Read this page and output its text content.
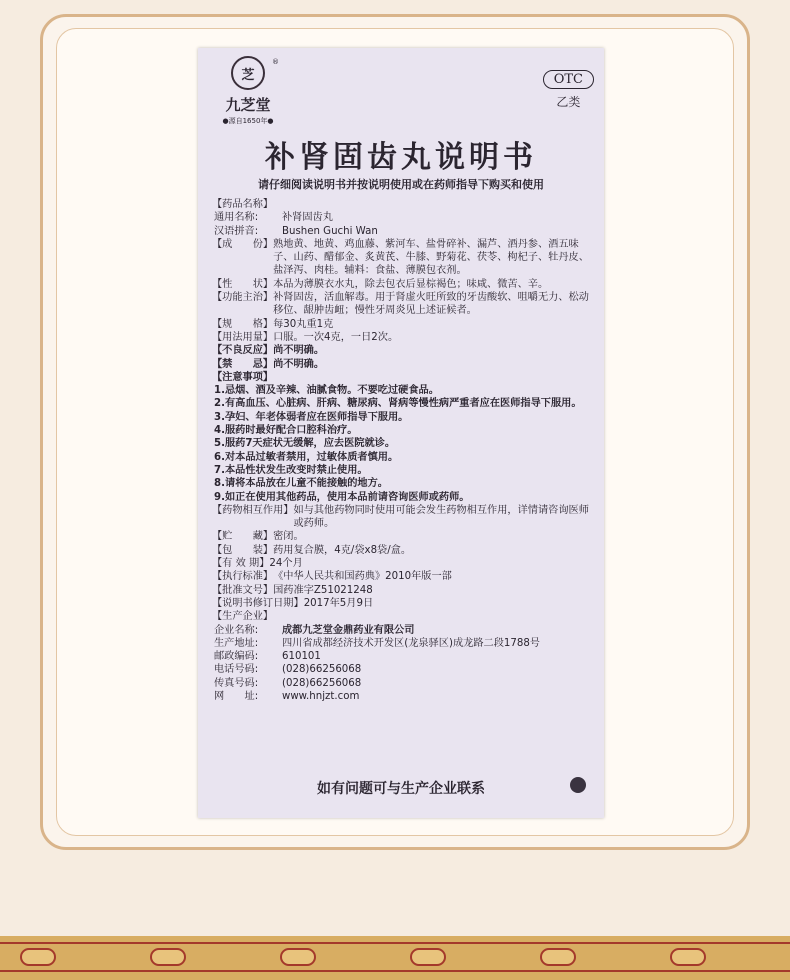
®
芝
九芝堂
●源自1650年●
OTC
乙类
补肾固齿丸说明书
请仔细阅读说明书并按说明使用或在药师指导下购买和使用
【药品名称】
通用名称:	补肾固齿丸
汉语拼音:	Bushen Guchi Wan
【成　　份】 熟地黄、地黄、鸡血藤、紫河车、盐骨碎补、漏芦、酒丹参、酒五味子、山药、醋郁金、炙黄芪、牛膝、野菊花、茯苓、枸杞子、牡丹皮、盐泽泻、肉桂。辅料：食盐、薄膜包衣剂。
【性　　状】 本品为薄膜衣水丸，除去包衣后显棕褐色；味咸、微苦、辛。
【功能主治】 补肾固齿，活血解毒。用于肾虚火旺所致的牙齿酸软、咀嚼无力、松动移位、龈肿齿衄；慢性牙周炎见上述证候者。
【规　　格】 每30丸重1克
【用法用量】 口服。一次4克，一日2次。
【不良反应】 尚不明确。
【禁　　忌】 尚不明确。
【注意事项】
1.忌烟、酒及辛辣、油腻食物。不要吃过硬食品。
2.有高血压、心脏病、肝病、糖尿病、肾病等慢性病严重者应在医师指导下服用。
3.孕妇、年老体弱者应在医师指导下服用。
4.服药时最好配合口腔科治疗。
5.服药7天症状无缓解，应去医院就诊。
6.对本品过敏者禁用，过敏体质者慎用。
7.本品性状发生改变时禁止使用。
8.请将本品放在儿童不能接触的地方。
9.如正在使用其他药品，使用本品前请咨询医师或药师。
【药物相互作用】 如与其他药物同时使用可能会发生药物相互作用，详情请咨询医师或药师。
【贮　　藏】 密闭。
【包　　装】 药用复合膜，4克/袋x8袋/盒。
【有 效 期】 24个月
【执行标准】 《中华人民共和国药典》2010年版一部
【批准文号】 国药准字Z51021248
【说明书修订日期】 2017年5月9日
【生产企业】
企业名称:	成都九芝堂金鼎药业有限公司
生产地址:	四川省成都经济技术开发区(龙泉驿区)成龙路二段1788号
邮政编码:	610101
电话号码:	(028)66256068
传真号码:	(028)66256068
网　　址:	www.hnjzt.com
如有问题可与生产企业联系
